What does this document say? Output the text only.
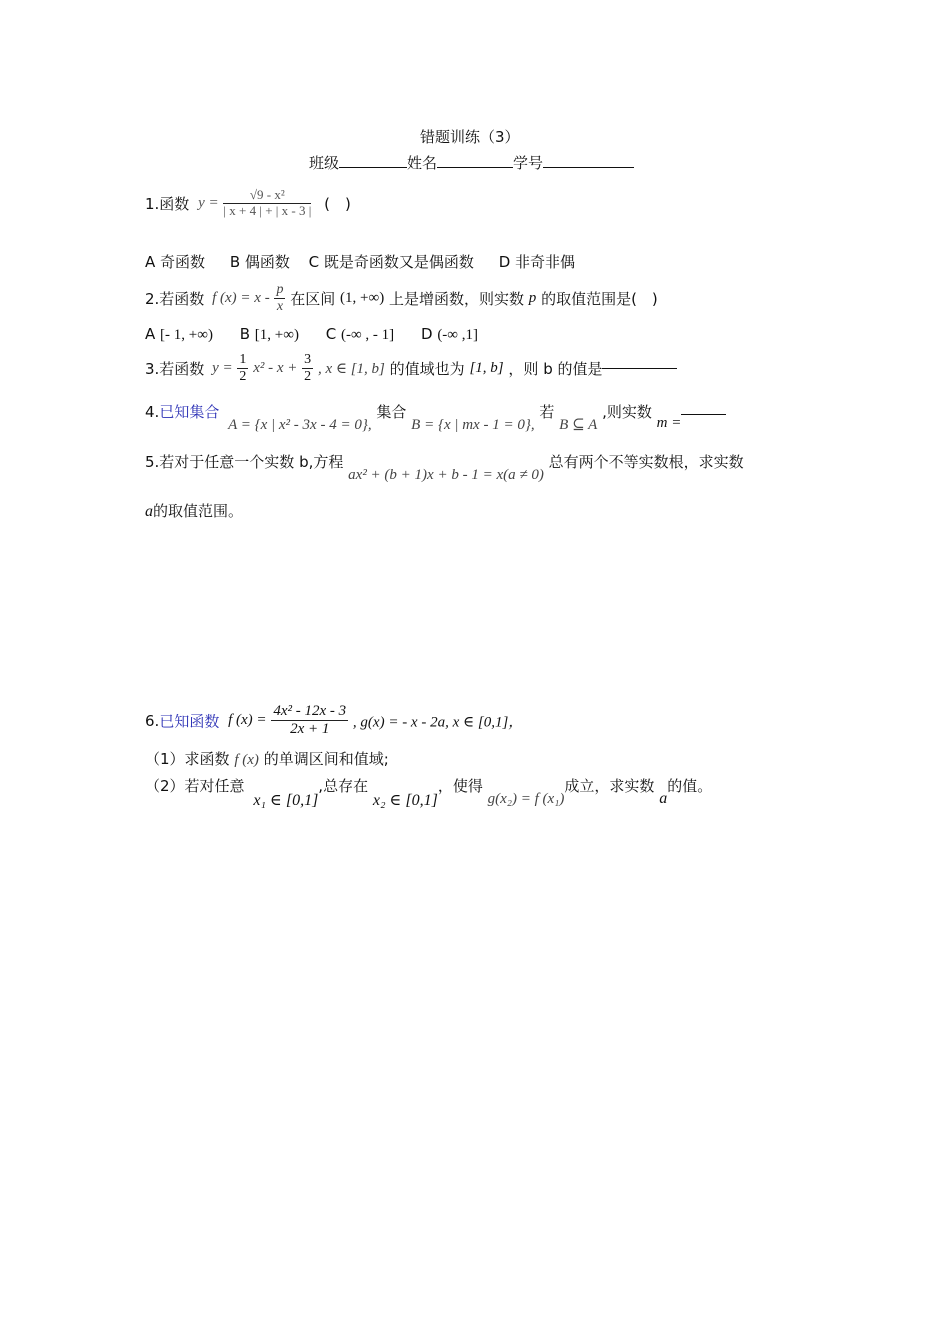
错题训练（3）
班级	姓名	学号
1.函数 $y = \frac{\text{√9 - x²}}{| x + 4 | + | x - 3 |}$ (　)
A 奇函数 B 偶函数 C 既是奇函数又是偶函数 D 非奇非偶
2.若函数 f $(x) = x - \frac{p}{x}$ 在区间 (1, +∞) 上是增函数，则实数 p 的取值范围是(　)
A [- 1, +∞) B [1, +∞) C (-∞ , - 1] D (-∞ ,1]
3.若函数 $y = \frac{1}{2} x^2 - x + \frac{3}{2}$ , x ∈ [1, b] 的值域也为 [1, b] ，则 b 的值是
4.已知集合 A = {x | x² - 3x - 4 = 0}, 集合 B = {x | mx - 1 = 0}, 若 B ⊆ A ,则实数 m =
5.若对于任意一个实数 b,方程 ax² + (b + 1)x + b - 1 = x(a ≠ 0) 总有两个不等实数根，求实数
a的取值范围。
6.已知函数 f $(x) = \frac{\text{4x² - 12x - 3}}{2x + 1}$ , g(x) = - x - 2a, x ∈ [0,1]，
（1）求函数 f (x) 的单调区间和值域;
（2）若对任意 x₁ ∈ [0,1],总存在 x₂ ∈ [0,1]，使得 g(x₂) = f (x₁)成立，求实数 a的值。
